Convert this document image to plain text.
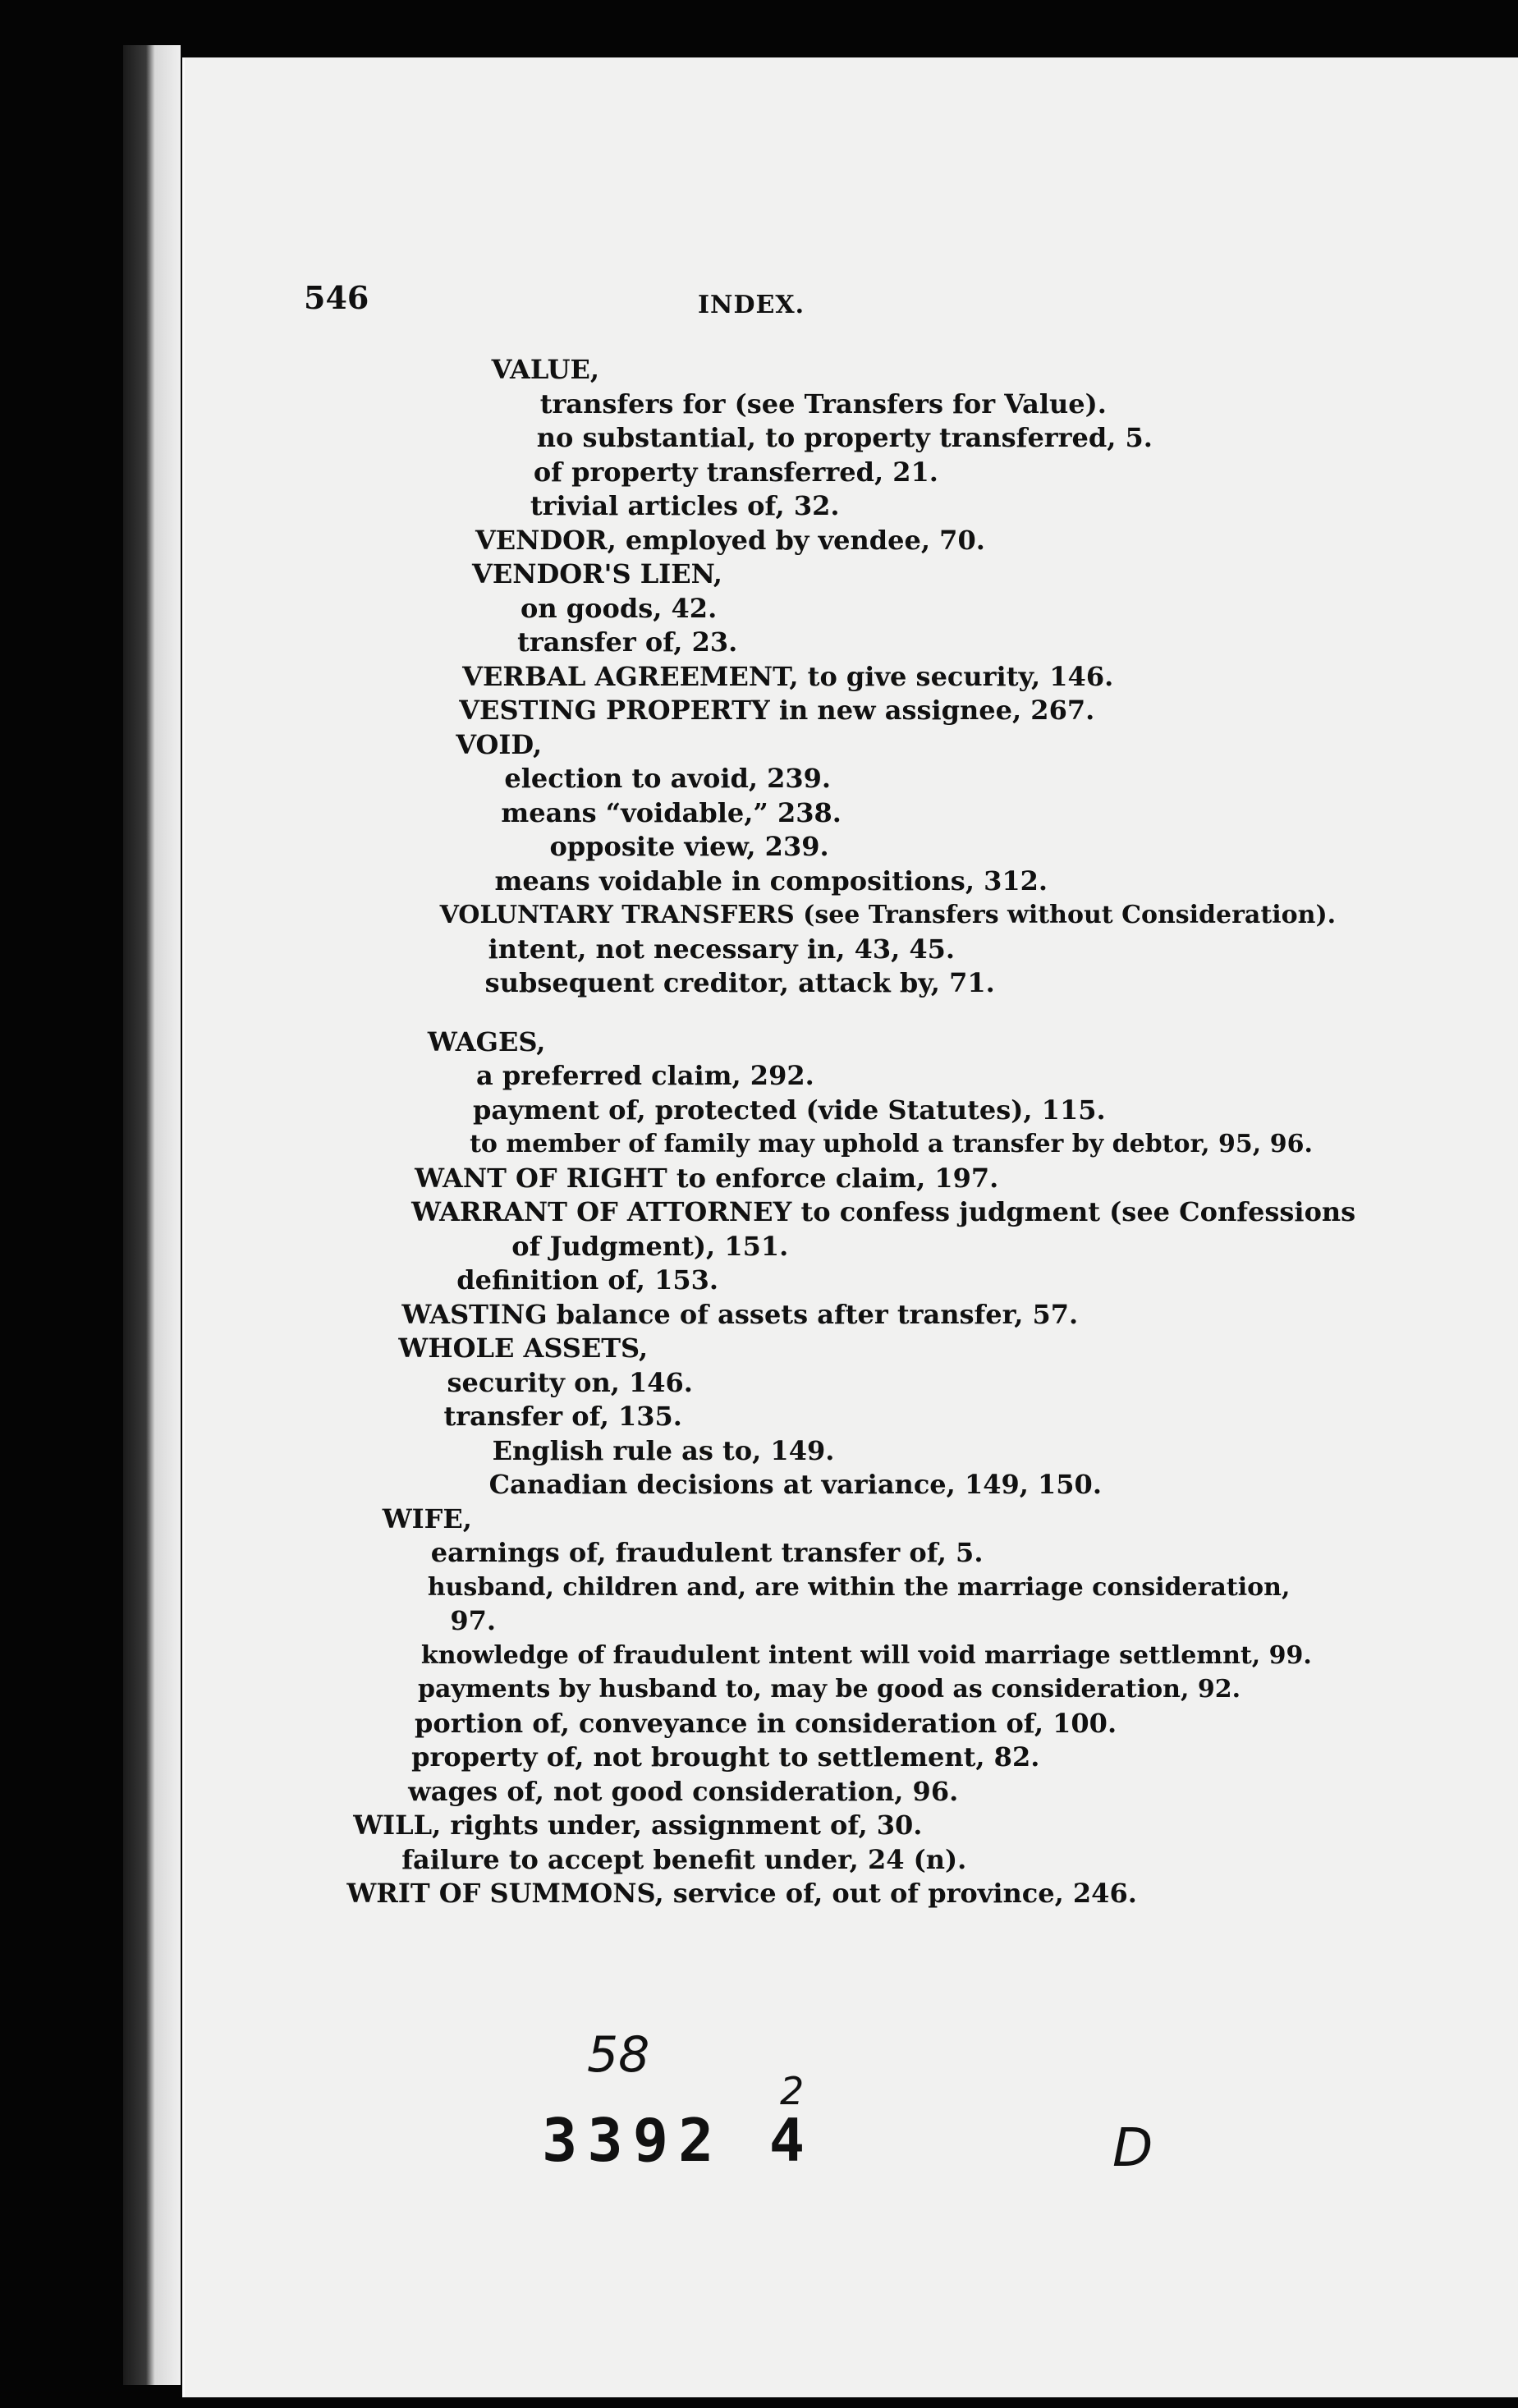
546	INDEX.
VALUE,
transfers for (see Transfers for Value).
no substantial, to property transferred, 5.
of property transferred, 21.
trivial articles of, 32.
VENDOR, employed by vendee, 70.
VENDOR'S LIEN,
on goods, 42.
transfer of, 23.
VERBAL AGREEMENT, to give security, 146.
VESTING PROPERTY in new assignee, 267.
VOID,
election to avoid, 239.
means “voidable,” 238.
opposite view, 239.
means voidable in compositions, 312.
VOLUNTARY TRANSFERS (see Transfers without Consideration).
intent, not necessary in, 43, 45.
subsequent creditor, attack by, 71.
WAGES,
a preferred claim, 292.
payment of, protected (vide Statutes), 115.
to member of family may uphold a transfer by debtor, 95, 96.
WANT OF RIGHT to enforce claim, 197.
WARRANT OF ATTORNEY to confess judgment (see Confessions
of Judgment), 151.
definition of, 153.
WASTING balance of assets after transfer, 57.
WHOLE ASSETS,
security on, 146.
transfer of, 135.
English rule as to, 149.
Canadian decisions at variance, 149, 150.
WIFE,
earnings of, fraudulent transfer of, 5.
husband, children and, are within the marriage consideration,
97.
knowledge of fraudulent intent will void marriage settlemnt, 99.
payments by husband to, may be good as consideration, 92.
portion of, conveyance in consideration of, 100.
property of, not brought to settlement, 82.
wages of, not good consideration, 96.
WILL, rights under, assignment of, 30.
failure to accept benefit under, 24 (n).
WRIT OF SUMMONS, service of, out of province, 246.
58
3392 4
2
D
